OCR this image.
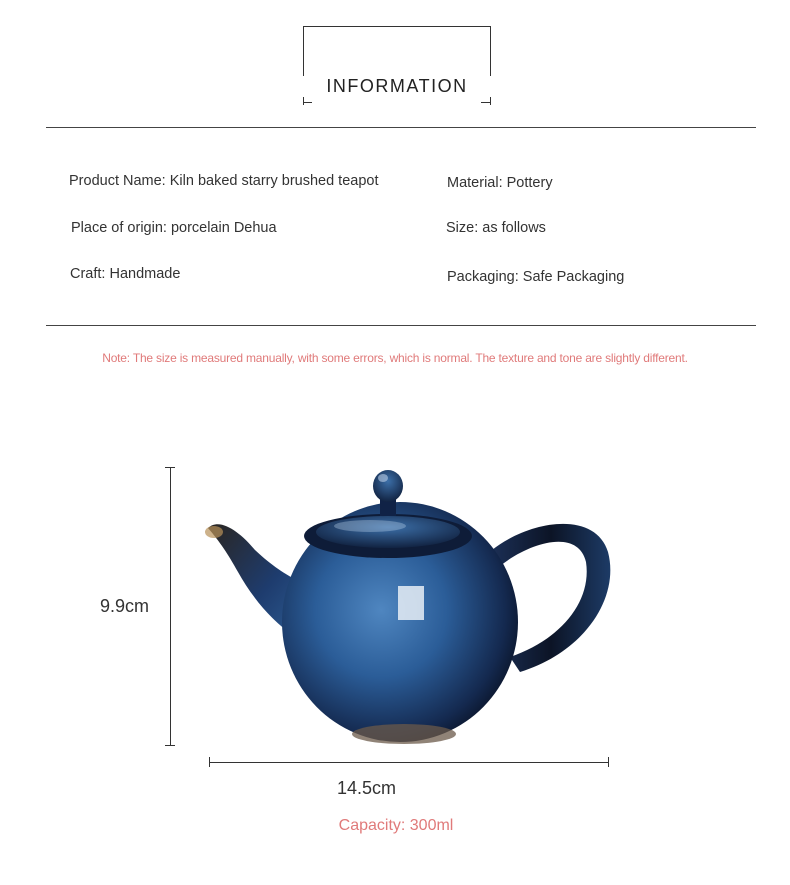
INFORMATION
Product Name: Kiln baked starry brushed teapot	Material: Pottery
Place of origin: porcelain Dehua	Size: as follows
Craft: Handmade	Packaging: Safe Packaging
Note: The size is measured manually, with some errors, which is normal. The texture and tone are slightly different.
9.9cm
14.5cm
Capacity: 300ml
